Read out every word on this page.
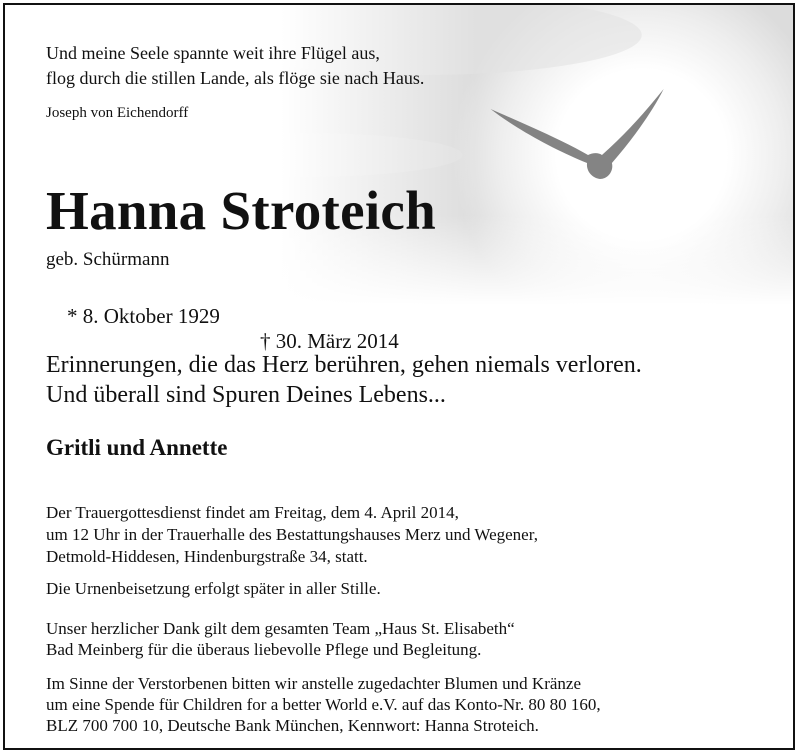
Und meine Seele spannte weit ihre Flügel aus,
flog durch die stillen Lande, als flöge sie nach Haus.
Joseph von Eichendorff
Hanna Stroteich
geb. Schürmann

* 8. Oktober 1929

† 30. März 2014

Erinnerungen, die das Herz berühren, gehen niemals verloren.
Und überall sind Spuren Deines Lebens...
Gritli und Annette
Der Trauergottesdienst findet am Freitag, dem 4. April 2014,
um 12 Uhr in der Trauerhalle des Bestattungshauses Merz und Wegener,
Detmold-Hiddesen, Hindenburgstraße 34, statt.
Die Urnenbeisetzung erfolgt später in aller Stille.
Unser herzlicher Dank gilt dem gesamten Team „Haus St. Elisabeth“
Bad Meinberg für die überaus liebevolle Pflege und Begleitung.
Im Sinne der Verstorbenen bitten wir anstelle zugedachter Blumen und Kränze
um eine Spende für Children for a better World e.V. auf das Konto-Nr. 80 80 160,
BLZ 700 700 10, Deutsche Bank München, Kennwort: Hanna Stroteich.
